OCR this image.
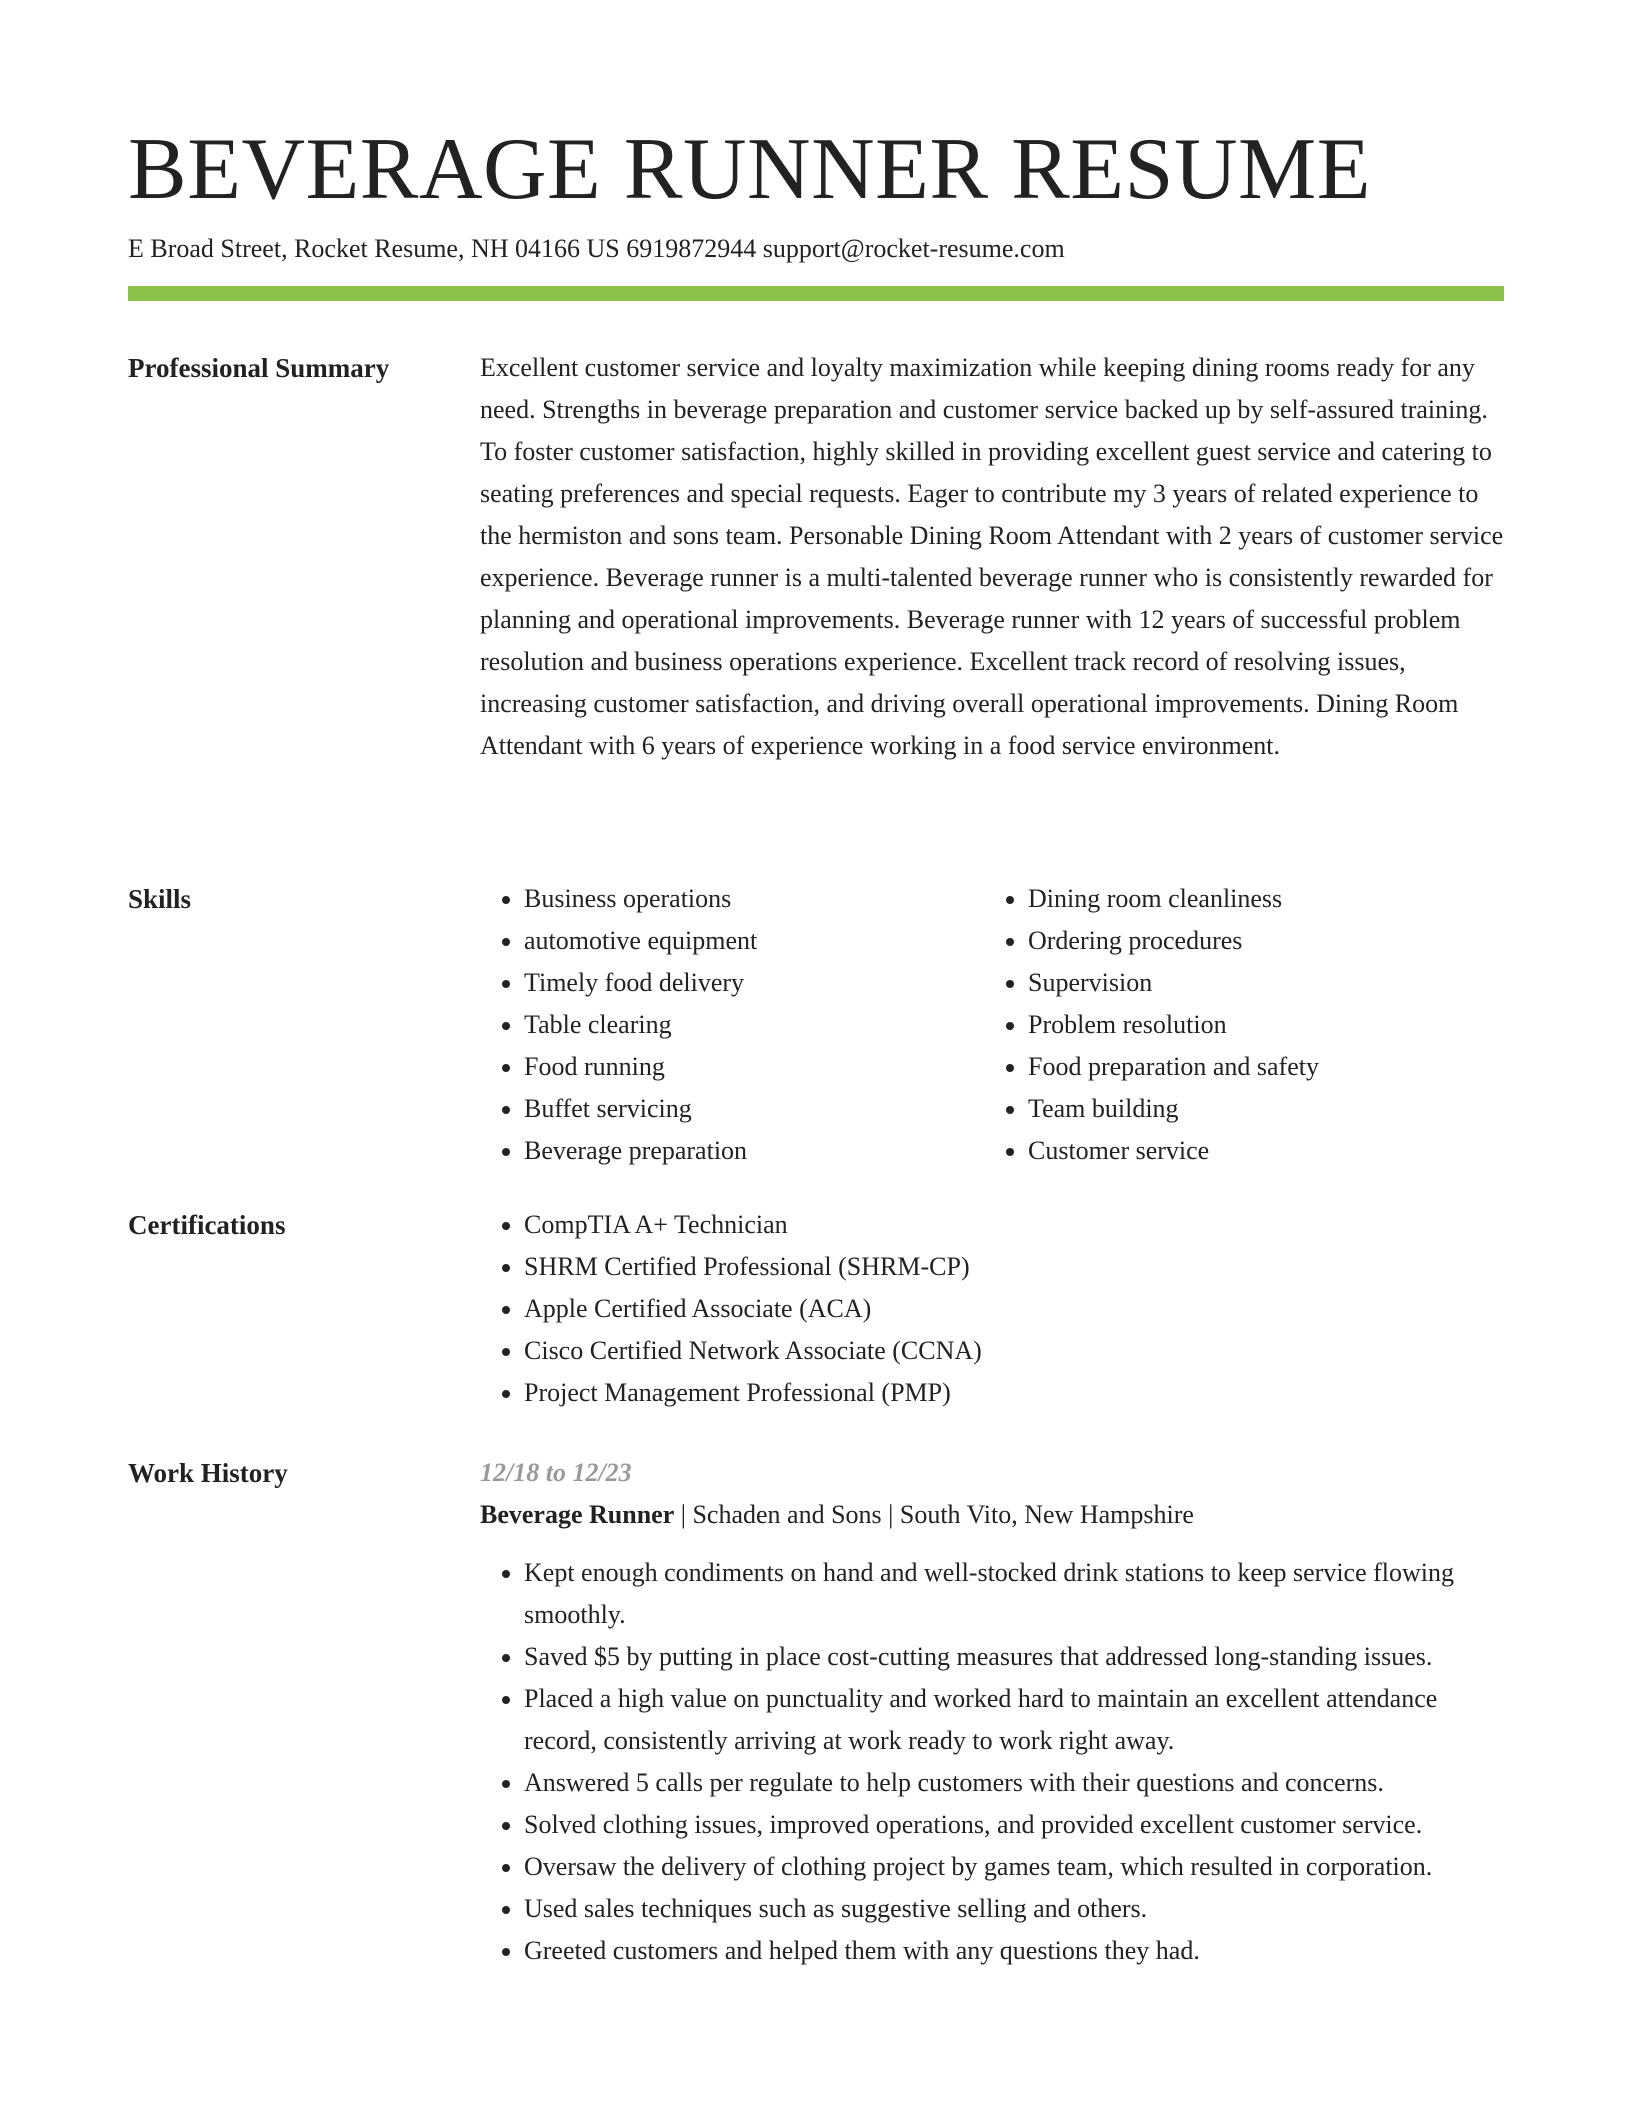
BEVERAGE RUNNER RESUME
E Broad Street, Rocket Resume, NH 04166 US 6919872944 support@rocket-resume.com
Professional Summary	Excellent customer service and loyalty maximization while keeping dining rooms ready for any need. Strengths in beverage preparation and customer service backed up by self-assured training. To foster customer satisfaction, highly skilled in providing excellent guest service and catering to seating preferences and special requests. Eager to contribute my 3 years of related experience to the hermiston and sons team. Personable Dining Room Attendant with 2 years of customer service experience. Beverage runner is a multi-talented beverage runner who is consistently rewarded for planning and operational improvements. Beverage runner with 12 years of successful problem resolution and business operations experience. Excellent track record of resolving issues, increasing customer satisfaction, and driving overall operational improvements. Dining Room Attendant with 6 years of experience working in a food service environment.

Skills	• Business operations
• automotive equipment
• Timely food delivery
• Table clearing
• Food running
• Buffet servicing
• Beverage preparation
• Dining room cleanliness
• Ordering procedures
• Supervision
• Problem resolution
• Food preparation and safety
• Team building
• Customer service
Certifications	• CompTIA A+ Technician
• SHRM Certified Professional (SHRM-CP)
• Apple Certified Associate (ACA)
• Cisco Certified Network Associate (CCNA)
• Project Management Professional (PMP)
Work History	12/18 to 12/23
Beverage Runner | Schaden and Sons | South Vito, New Hampshire
• Kept enough condiments on hand and well-stocked drink stations to keep service flowing smoothly.
• Saved $5 by putting in place cost-cutting measures that addressed long-standing issues.
• Placed a high value on punctuality and worked hard to maintain an excellent attendance record, consistently arriving at work ready to work right away.
• Answered 5 calls per regulate to help customers with their questions and concerns.
• Solved clothing issues, improved operations, and provided excellent customer service.
• Oversaw the delivery of clothing project by games team, which resulted in corporation.
• Used sales techniques such as suggestive selling and others.
• Greeted customers and helped them with any questions they had.
